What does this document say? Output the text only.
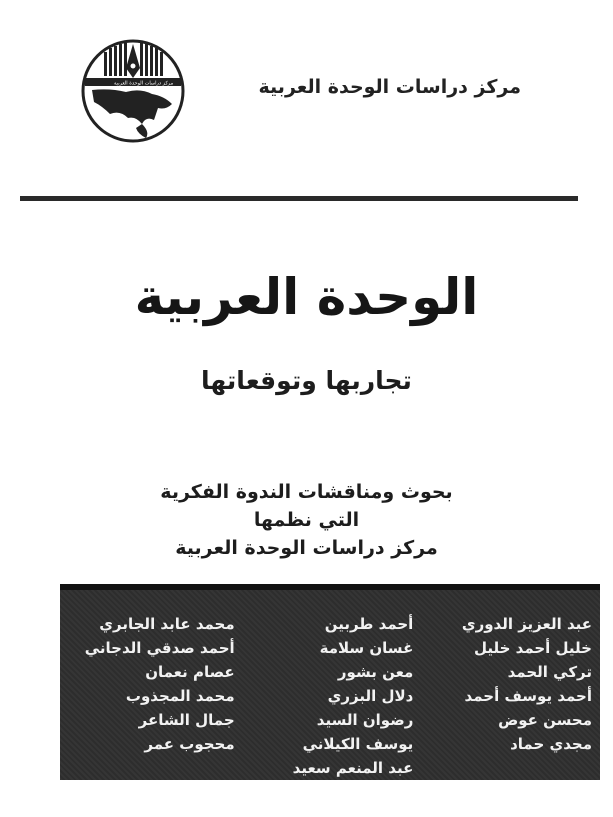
مركز دراسات الوحدة العربية	مركز دراسات الوحدة العربية
الوحدة العربية
تجاربها وتوقعاتها
بحوث ومناقشات الندوة الفكرية
التي نظمها
مركز دراسات الوحدة العربية
عبد العزيز الدوري
خليل أحمد خليل
تركي الحمد
أحمد يوسف أحمد
محسن عوض
مجدي حماد
أحمد طربين
غسان سلامة
معن بشور
دلال البزري
رضوان السيد
يوسف الكيلاني
عبد المنعم سعيد
محمد عابد الجابري
أحمد صدقي الدجاني
عصام نعمان
محمد المجذوب
جمال الشاعر
محجوب عمر
